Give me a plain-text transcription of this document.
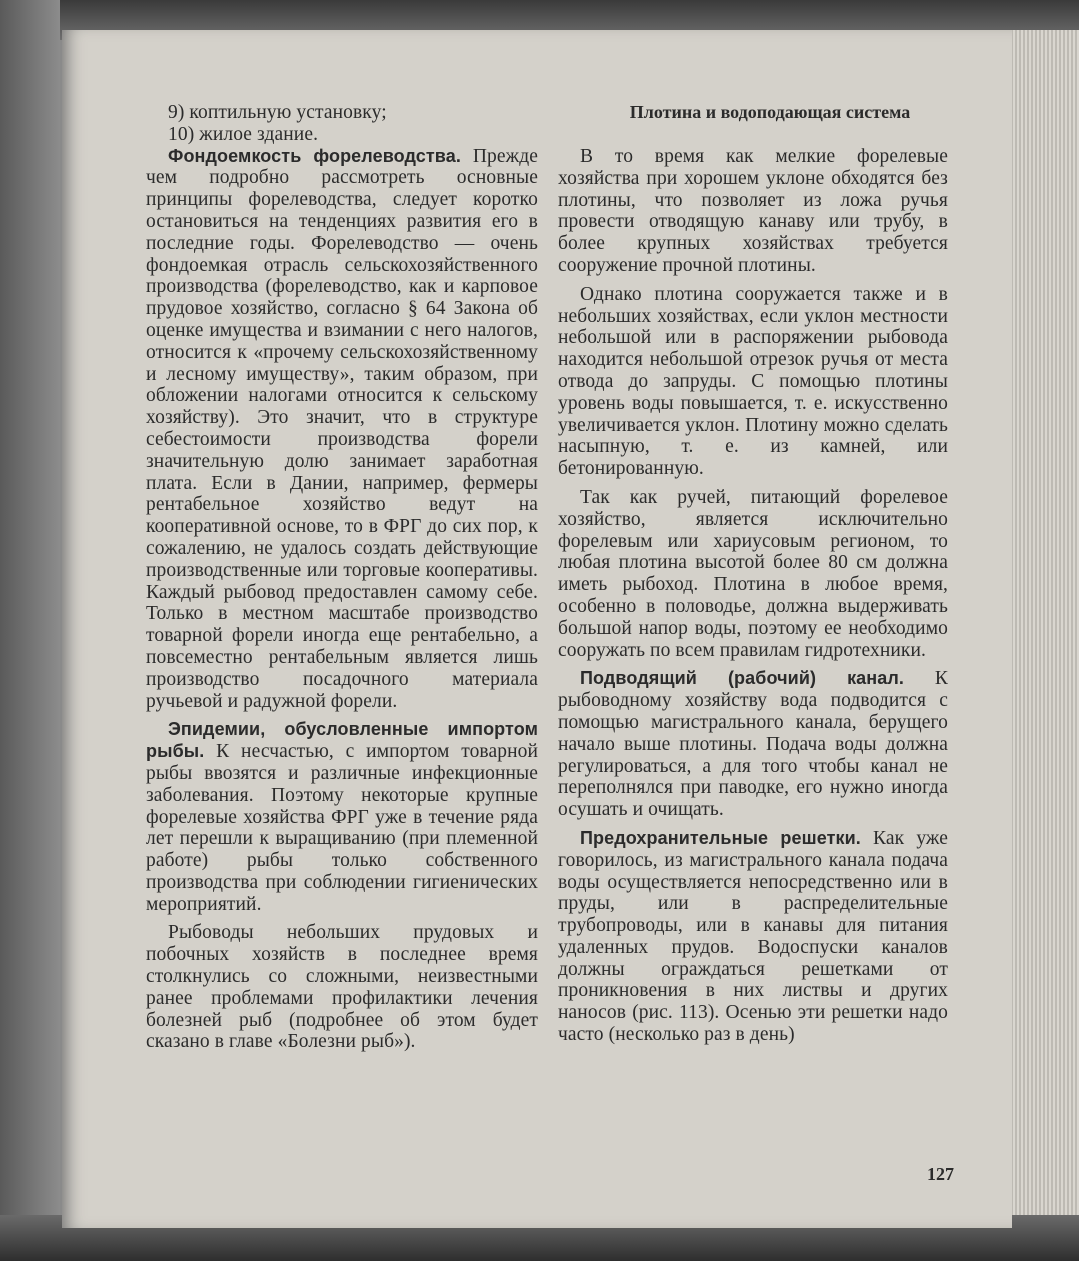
Плотина и водоподающая система

9) коптильную установку;

10) жилое здание.

Фондоемкость форелеводства. Прежде чем подробно рассмотреть основные принципы форелеводства, следует коротко остановиться на тенденциях развития его в последние годы. Форелеводство — очень фондоемкая отрасль сельскохозяйственного производства (форелеводство, как и карповое прудовое хозяйство, согласно § 64 Закона об оценке имущества и взимании с него налогов, относится к «прочему сельскохозяйственному и лесному имуществу», таким образом, при обложении налогами относится к сельскому хозяйству). Это значит, что в структуре себестоимости производства форели значительную долю занимает заработная плата. Если в Дании, например, фермеры рентабельное хозяйство ведут на кооперативной основе, то в ФРГ до сих пор, к сожалению, не удалось создать действующие производственные или торговые кооперативы. Каждый рыбовод предоставлен самому себе. Только в местном масштабе производство товарной форели иногда еще рентабельно, а повсеместно рентабельным является лишь производство посадочного материала ручьевой и радужной форели.

Эпидемии, обусловленные импортом рыбы. К несчастью, с импортом товарной рыбы ввозятся и различные инфекционные заболевания. Поэтому некоторые крупные форелевые хозяйства ФРГ уже в течение ряда лет перешли к выращиванию (при племенной работе) рыбы только собственного производства при соблюдении гигиенических мероприятий.

Рыбоводы небольших прудовых и побочных хозяйств в последнее время столкнулись со сложными, неизвестными ранее проблемами профилактики лечения болезней рыб (подробнее об этом будет сказано в главе «Болезни рыб»).

В то время как мелкие форелевые хозяйства при хорошем уклоне обходятся без плотины, что позволяет из ложа ручья провести отводящую канаву или трубу, в более крупных хозяйствах требуется сооружение прочной плотины.

Однако плотина сооружается также и в небольших хозяйствах, если уклон местности небольшой или в распоряжении рыбовода находится небольшой отрезок ручья от места отвода до запруды. С помощью плотины уровень воды повышается, т. е. искусственно увеличивается уклон. Плотину можно сделать насыпную, т. е. из камней, или бетонированную.

Так как ручей, питающий форелевое хозяйство, является исключительно форелевым или хариусовым регионом, то любая плотина высотой более 80 см должна иметь рыбоход. Плотина в любое время, особенно в половодье, должна выдерживать большой напор воды, поэтому ее необходимо сооружать по всем правилам гидротехники.

Подводящий (рабочий) канал. К рыбоводному хозяйству вода подводится с помощью магистрального канала, берущего начало выше плотины. Подача воды должна регулироваться, а для того чтобы канал не переполнялся при паводке, его нужно иногда осушать и очищать.

Предохранительные решетки. Как уже говорилось, из магистрального канала подача воды осуществляется непосредственно или в пруды, или в распределительные трубопроводы, или в канавы для питания удаленных прудов. Водоспуски каналов должны ограждаться решетками от проникновения в них листвы и других наносов (рис. 113). Осенью эти решетки надо часто (несколько раз в день)

127
